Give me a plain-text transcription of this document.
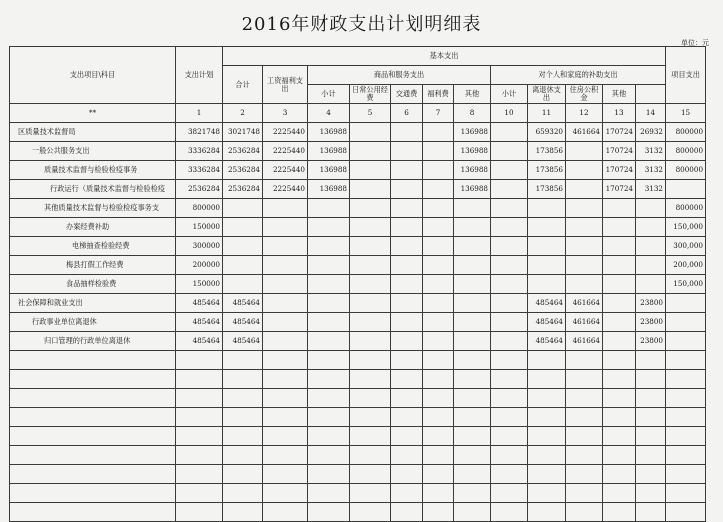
2016年财政支出计划明细表
单位：元
支出项目\科目	支出计划	基本支出												项目支出
		合计	工资福利支出	商品和服务支出					对个人和家庭的补助支出					
				小计	日常公用经费	交通费	福利费	其他	小计	离退休支出	住房公积金	其他		
**	1	2	3	4	5	6	7	8	10	11	12	13	14	15
区质量技术监督局	3821748	3021748	2225440	136988				136988		659320	461664	170724	26932	800000
一般公共服务支出	3336284	2536284	2225440	136988				136988		173856		170724	3132	800000
质量技术监督与检验检疫事务	3336284	2536284	2225440	136988				136988		173856		170724	3132	800000
行政运行（质量技术监督与检验检疫	2536284	2536284	2225440	136988				136988		173856		170724	3132	
其他质量技术监督与检验检疫事务支	800000													800000
办案经费补助	150000													150,000
电梯抽查检验经费	300000													300,000
梅县打假工作经费	200000													200,000
食品抽样检验费	150000													150,000
社会保障和就业支出	485464	485464								485464	461664		23800	
行政事业单位离退休	485464	485464								485464	461664		23800	
归口管理的行政单位离退休	485464	485464								485464	461664		23800	
